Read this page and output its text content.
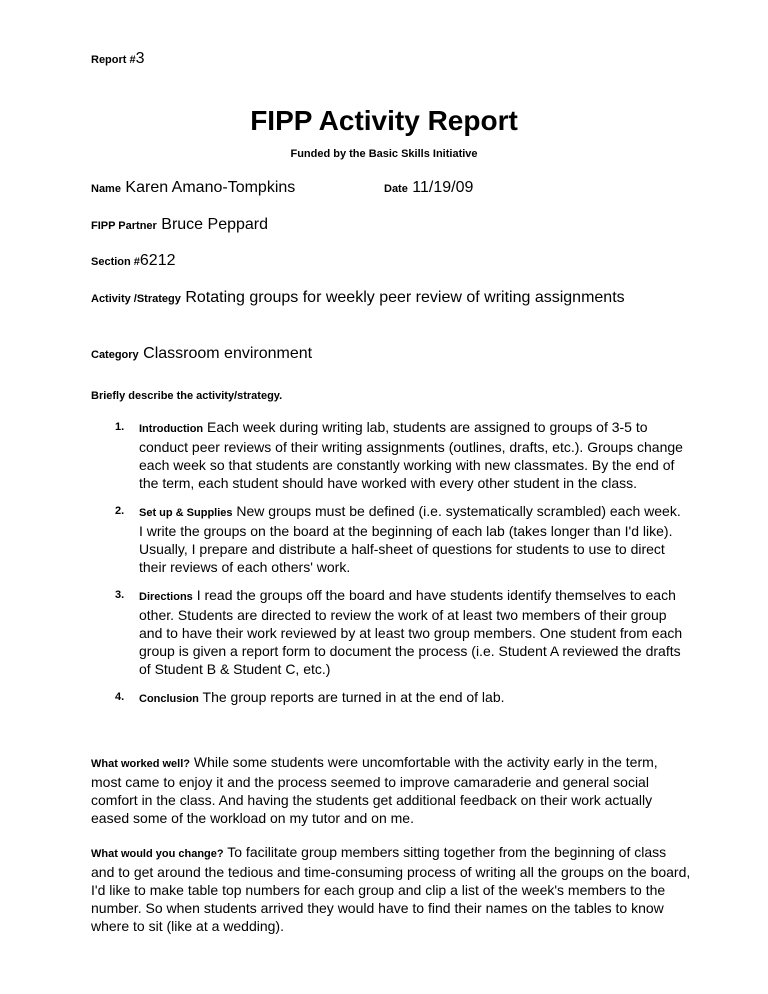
Report #3
FIPP Activity Report
Funded by the Basic Skills Initiative
Name Karen Amano-Tompkins	Date 11/19/09
FIPP Partner Bruce Peppard
Section #6212
Activity /Strategy Rotating groups for weekly peer review of writing assignments
Category Classroom environment
Briefly describe the activity/strategy.
1. Introduction Each week during writing lab, students are assigned to groups of 3-5 to conduct peer reviews of their writing assignments (outlines, drafts, etc.). Groups change each week so that students are constantly working with new classmates. By the end of the term, each student should have worked with every other student in the class.
2. Set up & Supplies New groups must be defined (i.e. systematically scrambled) each week. I write the groups on the board at the beginning of each lab (takes longer than I'd like). Usually, I prepare and distribute a half-sheet of questions for students to use to direct their reviews of each others' work.
3. Directions I read the groups off the board and have students identify themselves to each other. Students are directed to review the work of at least two members of their group and to have their work reviewed by at least two group members. One student from each group is given a report form to document the process (i.e. Student A reviewed the drafts of Student B & Student C, etc.)
4. Conclusion The group reports are turned in at the end of lab.

What worked well? While some students were uncomfortable with the activity early in the term, most came to enjoy it and the process seemed to improve camaraderie and general social comfort in the class. And having the students get additional feedback on their work actually eased some of the workload on my tutor and on me.

What would you change? To facilitate group members sitting together from the beginning of class and to get around the tedious and time-consuming process of writing all the groups on the board, I'd like to make table top numbers for each group and clip a list of the week's members to the number. So when students arrived they would have to find their names on the tables to know where to sit (like at a wedding).
